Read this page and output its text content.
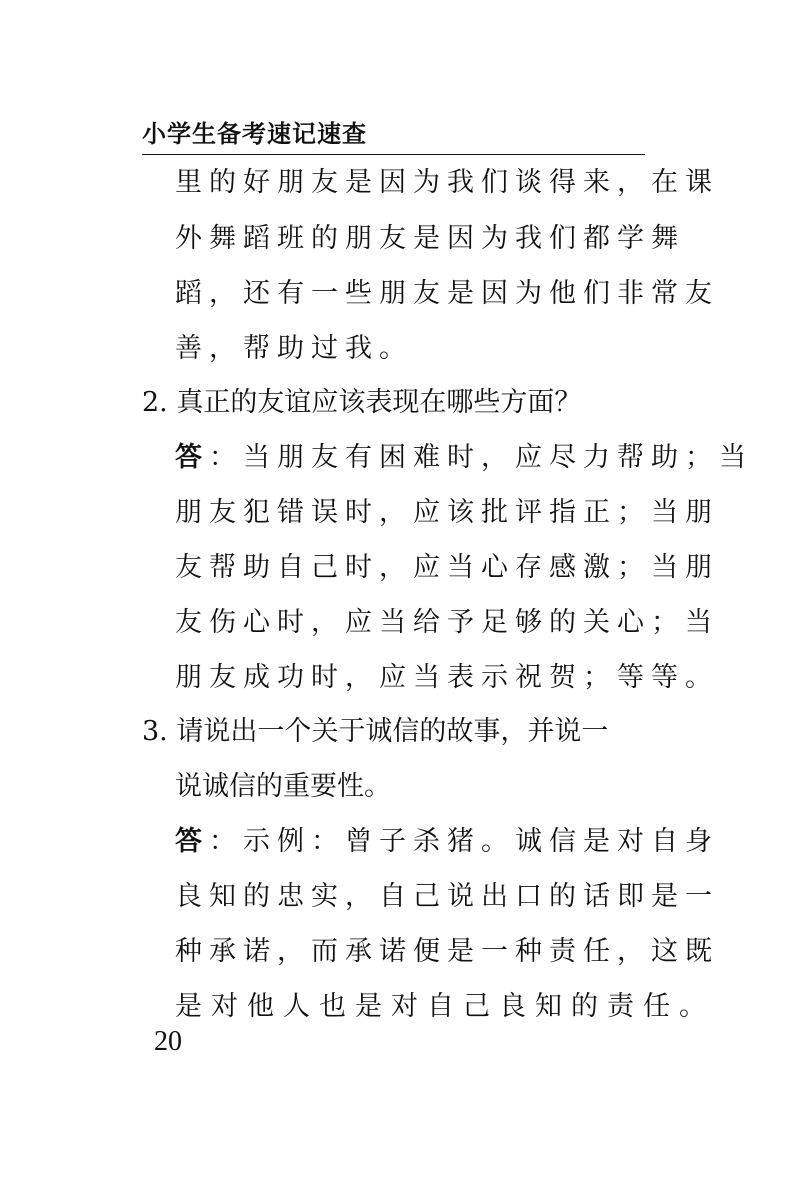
小学生备考速记速查
里的好朋友是因为我们谈得来，在课
外舞蹈班的朋友是因为我们都学舞
蹈，还有一些朋友是因为他们非常友
善，帮助过我。
2. 真正的友谊应该表现在哪些方面？
答：当朋友有困难时，应尽力帮助；当
朋友犯错误时，应该批评指正；当朋
友帮助自己时，应当心存感激；当朋
友伤心时，应当给予足够的关心；当
朋友成功时，应当表示祝贺；等等。
3. 请说出一个关于诚信的故事，并说一
说诚信的重要性。
答：示例：曾子杀猪。诚信是对自身
良知的忠实，自己说出口的话即是一
种承诺，而承诺便是一种责任，这既
是对他人也是对自己良知的责任。
20
